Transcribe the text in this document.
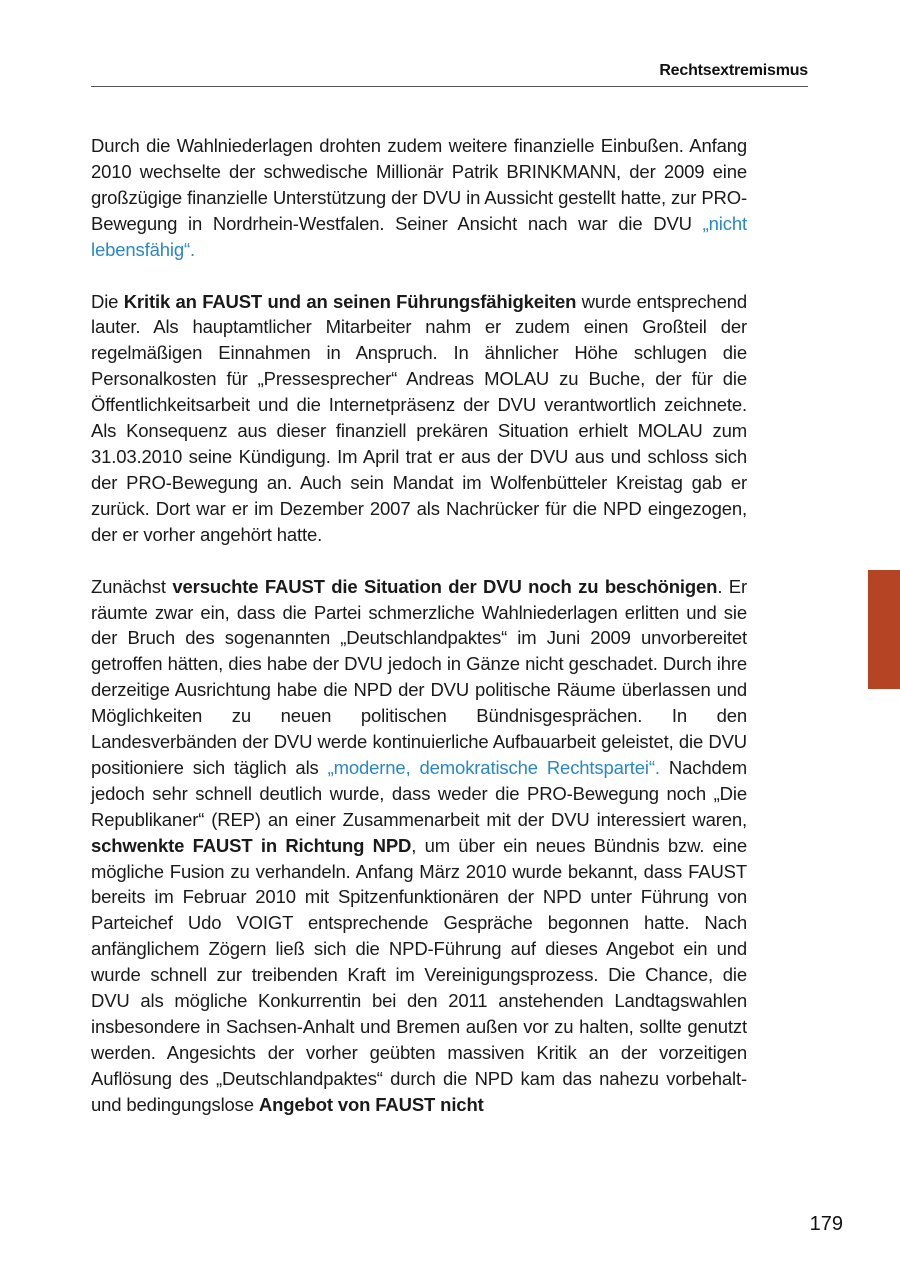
Rechtsextremismus

Durch die Wahlniederlagen drohten zudem weitere finanzielle Einbußen. Anfang 2010 wechselte der schwedische Millionär Patrik BRINKMANN, der 2009 eine großzügige finanzielle Unterstützung der DVU in Aussicht gestellt hatte, zur PRO-Bewegung in Nordrhein-Westfalen. Seiner Ansicht nach war die DVU „nicht lebensfähig“.

Die Kritik an FAUST und an seinen Führungsfähigkeiten wurde entsprechend lauter. Als hauptamtlicher Mitarbeiter nahm er zudem einen Großteil der regelmäßigen Einnahmen in Anspruch. In ähnlicher Höhe schlugen die Personalkosten für „Pressesprecher“ Andreas MOLAU zu Buche, der für die Öffentlichkeitsarbeit und die Internetpräsenz der DVU verantwortlich zeichnete. Als Konsequenz aus dieser finanziell prekären Situation erhielt MOLAU zum 31.03.2010 seine Kündigung. Im April trat er aus der DVU aus und schloss sich der PRO-Bewegung an. Auch sein Mandat im Wolfenbütteler Kreistag gab er zurück. Dort war er im Dezember 2007 als Nachrücker für die NPD eingezogen, der er vorher angehört hatte.

Zunächst versuchte FAUST die Situation der DVU noch zu beschönigen. Er räumte zwar ein, dass die Partei schmerzliche Wahlniederlagen erlitten und sie der Bruch des sogenannten „Deutschlandpaktes“ im Juni 2009 unvorbereitet getroffen hätten, dies habe der DVU jedoch in Gänze nicht geschadet. Durch ihre derzeitige Ausrichtung habe die NPD der DVU politische Räume überlassen und Möglichkeiten zu neuen politischen Bündnisgesprächen. In den Landesverbänden der DVU werde kontinuierliche Aufbauarbeit geleistet, die DVU positioniere sich täglich als „moderne, demokratische Rechtspartei“. Nachdem jedoch sehr schnell deutlich wurde, dass weder die PRO-Bewegung noch „Die Republikaner“ (REP) an einer Zusammenarbeit mit der DVU interessiert waren, schwenkte FAUST in Richtung NPD, um über ein neues Bündnis bzw. eine mögliche Fusion zu verhandeln. Anfang März 2010 wurde bekannt, dass FAUST bereits im Februar 2010 mit Spitzenfunktionären der NPD unter Führung von Parteichef Udo VOIGT entsprechende Gespräche begonnen hatte. Nach anfänglichem Zögern ließ sich die NPD-Führung auf dieses Angebot ein und wurde schnell zur treibenden Kraft im Vereinigungsprozess. Die Chance, die DVU als mögliche Konkurrentin bei den 2011 anstehenden Landtagswahlen insbesondere in Sachsen-Anhalt und Bremen außen vor zu halten, sollte genutzt werden. Angesichts der vorher geübten massiven Kritik an der vorzeitigen Auflösung des „Deutschlandpaktes“ durch die NPD kam das nahezu vorbehalt- und bedingungslose Angebot von FAUST nicht

179
